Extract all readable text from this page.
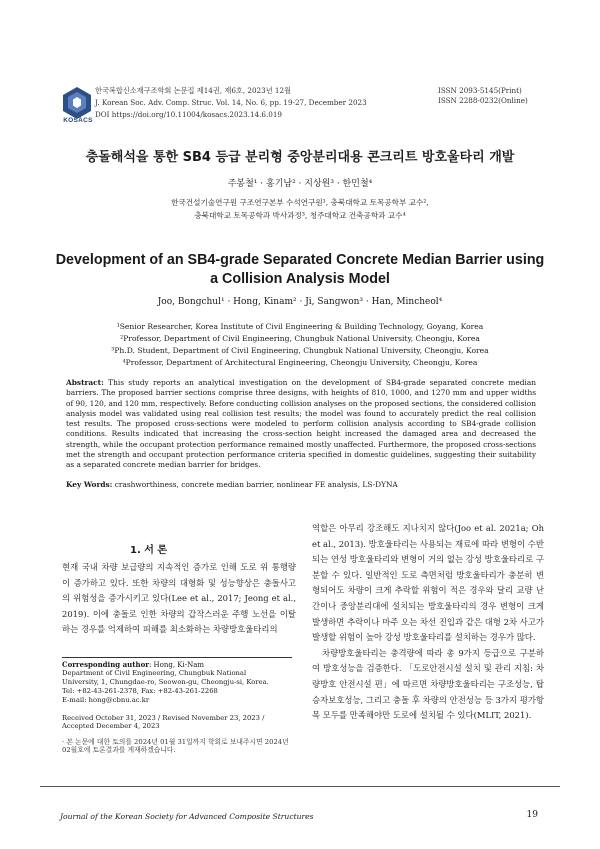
KOSACS
한국복합신소재구조학회 논문집 제14권, 제6호, 2023년 12월
J. Korean Soc. Adv. Comp. Struc. Vol. 14, No. 6, pp. 19-27, December 2023
DOI https://doi.org/10.11004/kosacs.2023.14.6.019
ISSN 2093-5145(Print)
ISSN 2288-0232(Online)
충돌해석을 통한 SB4 등급 분리형 중앙분리대용 콘크리트 방호울타리 개발
주봉철¹ · 홍기남² · 지상원³ · 한민철⁴
한국건설기술연구원 구조연구본부 수석연구원¹, 충북대학교 토목공학부 교수²,
충북대학교 토목공학과 박사과정³, 청주대학교 건축공학과 교수⁴
Development of an SB4-grade Separated Concrete Median Barrier using
a Collision Analysis Model
Joo, Bongchul¹ · Hong, Kinam² · Ji, Sangwon³ · Han, Mincheol⁴
¹Senior Researcher, Korea Institute of Civil Engineering & Building Technology, Goyang, Korea
²Professor, Department of Civil Engineering, Chungbuk National University, Cheongju, Korea
³Ph.D. Student, Department of Civil Engineering, Chungbuk National University, Cheongju, Korea
⁴Professor, Department of Architectural Engineering, Cheongju University, Cheongju, Korea
Abstract: This study reports an analytical investigation on the development of SB4-grade separated concrete median barriers. The proposed barrier sections comprise three designs, with heights of 810, 1000, and 1270 mm and upper widths of 90, 120, and 120 mm, respectively. Before conducting collision analyses on the proposed sections, the considered collision analysis model was validated using real collision test results; the model was found to accurately predict the real collision test results. The proposed cross-sections were modeled to perform collision analysis according to SB4-grade collision conditions. Results indicated that increasing the cross-section height increased the damaged area and decreased the strength, while the occupant protection performance remained mostly unaffected. Furthermore, the proposed cross-sections met the strength and occupant protection performance criteria specified in domestic guidelines, suggesting their suitability as a separated concrete median barrier for bridges.
Key Words: crashworthiness, concrete median barrier, nonlinear FE analysis, LS-DYNA
1. 서 론
현재 국내 차량 보급량의 지속적인 증가로 인해 도로 위 통행량이 증가하고 있다. 또한 차량의 대형화 및 성능향상은 충돌사고의 위험성을 증가시키고 있다(Lee et al., 2017; Jeong et al., 2019). 이에 충돌로 인한 차량의 갑작스러운 주행 노선을 이탈하는 경우를 억제하여 피해를 최소화하는 차량방호울타리의
역할은 아무리 강조해도 지나치지 않다(Joo et al. 2021a; Oh et al., 2013). 방호울타리는 사용되는 재료에 따라 변형이 수반되는 연성 방호울타리와 변형이 거의 없는 강성 방호울타리로 구분할 수 있다. 일반적인 도로 측면처럼 방호울타리가 충분히 변형되어도 차량이 크게 추락할 위험이 적은 경우와 달리 교량 난간이나 중앙분리대에 설치되는 방호울타리의 경우 변형이 크게 발생하면 추락이나 마주 오는 차선 진입과 같은 대형 2차 사고가 발생할 위험이 높아 강성 방호울타리를 설치하는 경우가 많다.
차량방호울타리는 충격량에 따라 총 9가지 등급으로 구분하여 방호성능을 검증한다. 「도로안전시설 설치 및 관리 지침: 차량방호 안전시설 편」에 따르면 차량방호울타리는 구조성능, 탑승자보호성능, 그리고 충돌 후 차량의 안전성능 등 3가지 평가항목 모두를 만족해야만 도로에 설치될 수 있다(MLIT, 2021).
Corresponding author: Hong, Ki-Nam
Department of Civil Engineering, Chungbuk National
University, 1, Chungdae-ro, Seowon-gu, Cheongju-si, Korea.
Tel: +82-43-261-2378, Fax: +82-43-261-2268
E-mail: hong@cbnu.ac.kr
Received October 31, 2023 / Revised November 23, 2023 / Accepted December 4, 2023
· 본 논문에 대한 토의를 2024년 01월 31일까지 학회로 보내주시면 2024년 02월호에 토론결과를 게재하겠습니다.
Journal of the Korean Society for Advanced Composite Structures	19
